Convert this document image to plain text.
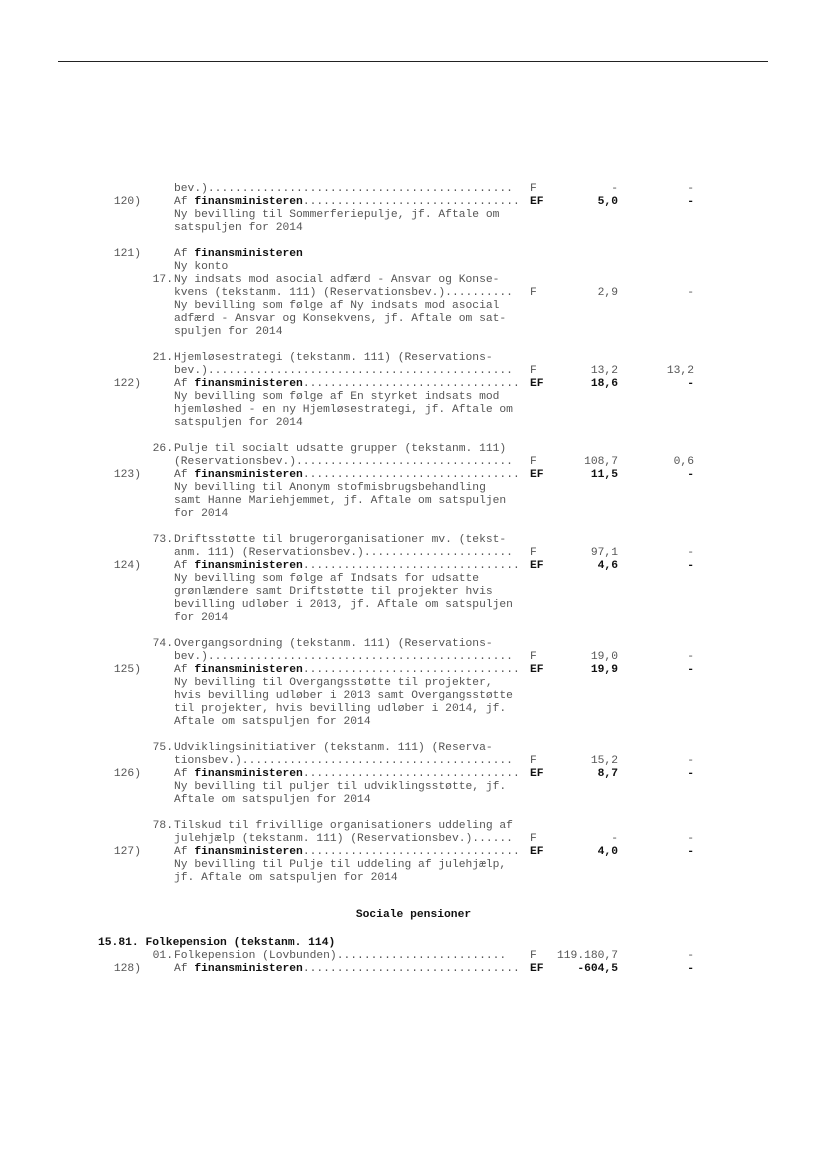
bev.)............................................. F	-	-
120)	Af finansministeren................................ EF	5,0	-
Ny bevilling til Sommerferiepulje, jf. Aftale om
satspuljen for 2014
121)	Af finansministeren
Ny konto
17. Ny indsats mod asocial adfærd - Ansvar og Konse-
kvens (tekstanm. 111) (Reservationsbev.).......... F	2,9	-
Ny bevilling som følge af Ny indsats mod asocial
adfærd - Ansvar og Konsekvens, jf. Aftale om sat-
spuljen for 2014
21. Hjemløsestrategi (tekstanm. 111) (Reservations-
bev.)............................................. F	13,2	13,2
122)	Af finansministeren................................ EF	18,6	-
Ny bevilling som følge af En styrket indsats mod
hjemløshed - en ny Hjemløsestrategi, jf. Aftale om
satspuljen for 2014
26. Pulje til socialt udsatte grupper (tekstanm. 111)
(Reservationsbev.)................................ F	108,7	0,6
123)	Af finansministeren................................ EF	11,5	-
Ny bevilling til Anonym stofmisbrugsbehandling
samt Hanne Mariehjemmet, jf. Aftale om satspuljen
for 2014
73. Driftsstøtte til brugerorganisationer mv. (tekst-
anm. 111) (Reservationsbev.)...................... F	97,1	-
124)	Af finansministeren................................ EF	4,6	-
Ny bevilling som følge af Indsats for udsatte
grønlændere samt Driftstøtte til projekter hvis
bevilling udløber i 2013, jf. Aftale om satspuljen
for 2014
74. Overgangsordning (tekstanm. 111) (Reservations-
bev.)............................................. F	19,0	-
125)	Af finansministeren................................ EF	19,9	-
Ny bevilling til Overgangsstøtte til projekter,
hvis bevilling udløber i 2013 samt Overgangsstøtte
til projekter, hvis bevilling udløber i 2014, jf.
Aftale om satspuljen for 2014
75. Udviklingsinitiativer (tekstanm. 111) (Reserva-
tionsbev.)........................................ F	15,2	-
126)	Af finansministeren................................ EF	8,7	-
Ny bevilling til puljer til udviklingsstøtte, jf.
Aftale om satspuljen for 2014
78. Tilskud til frivillige organisationers uddeling af
julehjælp (tekstanm. 111) (Reservationsbev.)...... F	-	-
127)	Af finansministeren................................ EF	4,0	-
Ny bevilling til Pulje til uddeling af julehjælp,
jf. Aftale om satspuljen for 2014
Sociale pensioner
15.81. Folkepension (tekstanm. 114)
01. Folkepension (Lovbunden)......................... F 119.180,7	-
128)	Af finansministeren................................ EF	-604,5	-
